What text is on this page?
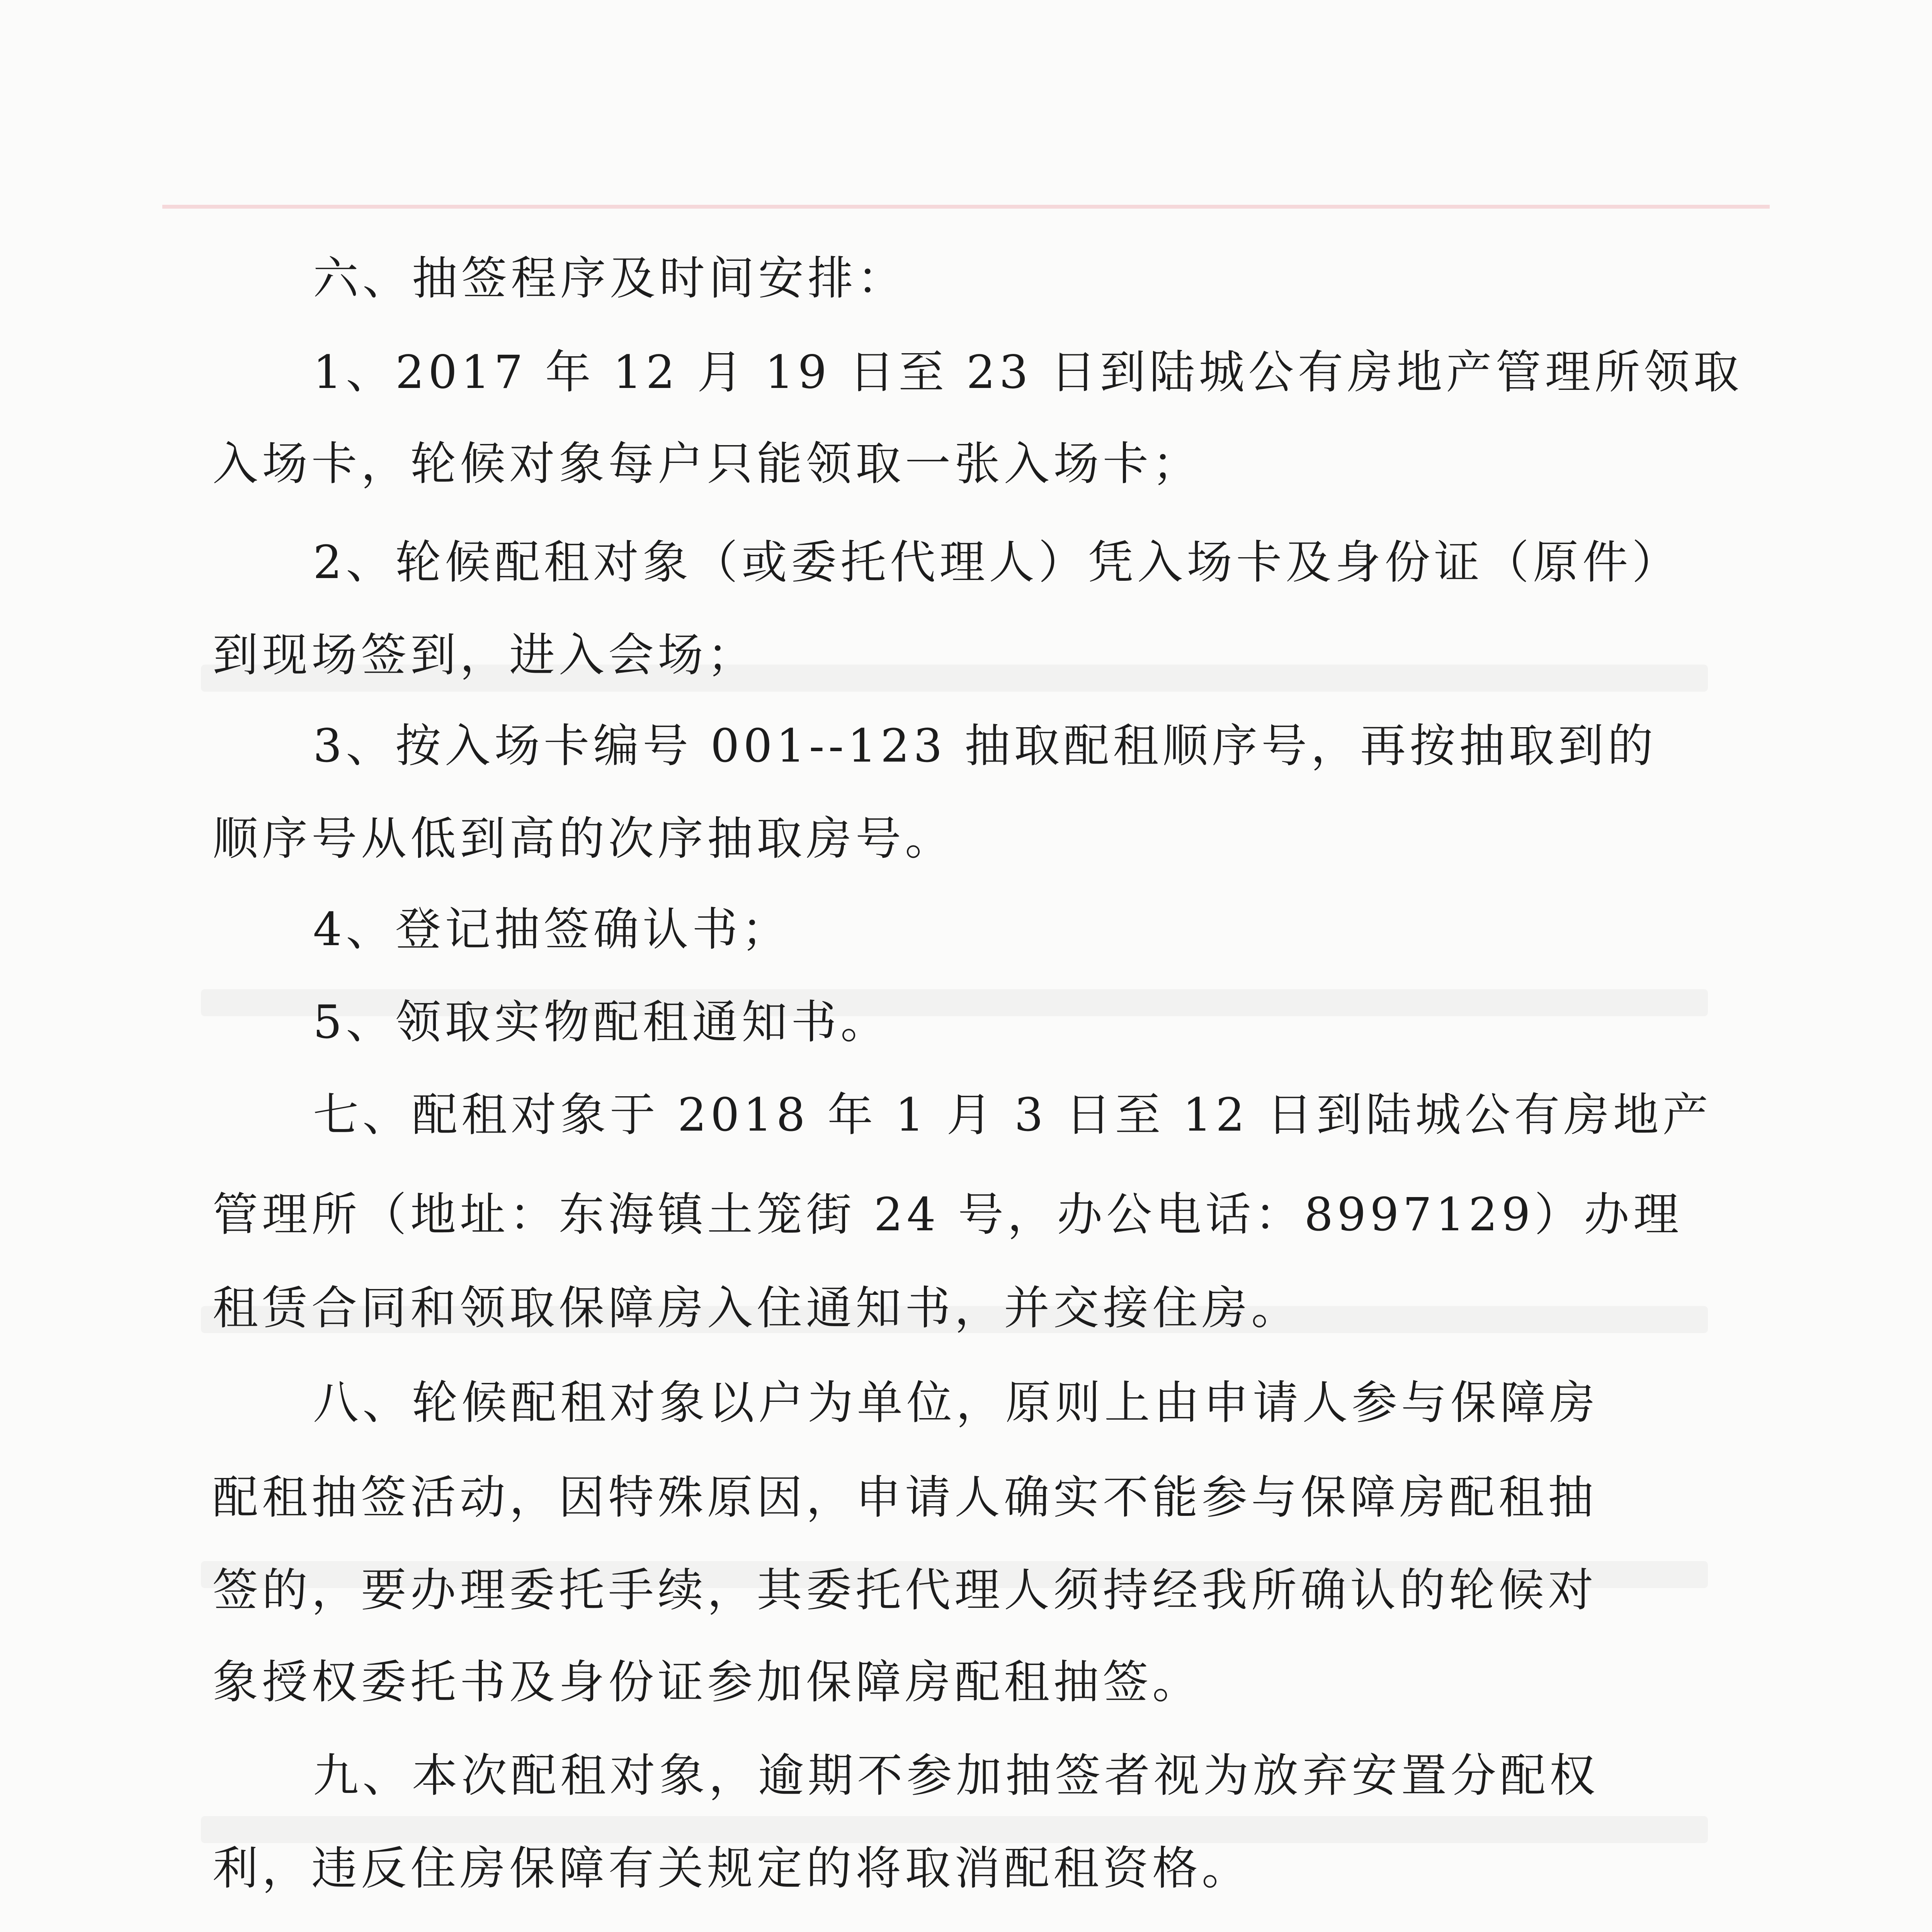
六、抽签程序及时间安排：
1、2017 年 12 月 19 日至 23 日到陆城公有房地产管理所领取
入场卡，轮候对象每户只能领取一张入场卡；
2、轮候配租对象（或委托代理人）凭入场卡及身份证（原件）
到现场签到，进入会场；
3、按入场卡编号 001--123 抽取配租顺序号，再按抽取到的
顺序号从低到高的次序抽取房号。
4、登记抽签确认书；
5、领取实物配租通知书。
七、配租对象于 2018 年 1 月 3 日至 12 日到陆城公有房地产
管理所（地址：东海镇土笼街 24 号，办公电话：8997129）办理
租赁合同和领取保障房入住通知书，并交接住房。
八、轮候配租对象以户为单位，原则上由申请人参与保障房
配租抽签活动，因特殊原因，申请人确实不能参与保障房配租抽
签的，要办理委托手续，其委托代理人须持经我所确认的轮候对
象授权委托书及身份证参加保障房配租抽签。
九、本次配租对象，逾期不参加抽签者视为放弃安置分配权
利，违反住房保障有关规定的将取消配租资格。
